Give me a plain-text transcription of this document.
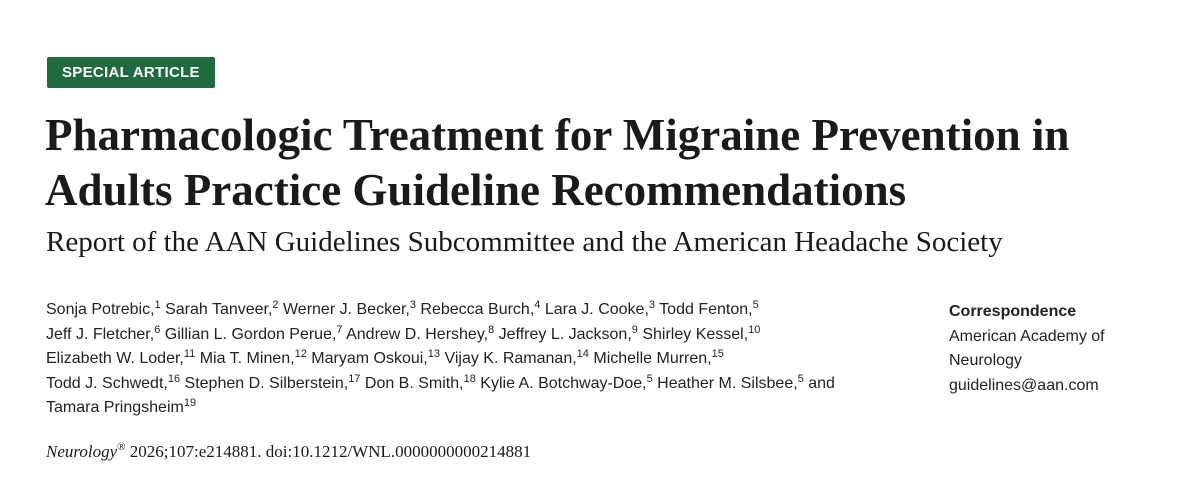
SPECIAL ARTICLE
Pharmacologic Treatment for Migraine Prevention in Adults Practice Guideline Recommendations
Report of the AAN Guidelines Subcommittee and the American Headache Society
Sonja Potrebic,$^1$ Sarah Tanveer,$^2$ Werner J. Becker,$^3$ Rebecca Burch,$^4$ Lara J. Cooke,$^3$ Todd Fenton,$^5$
Jeff J. Fletcher,$^6$ Gillian L. Gordon Perue,$^7$ Andrew D. Hershey,$^8$ Jeffrey L. Jackson,$^9$ Shirley Kessel,$^{10}$
Elizabeth W. Loder,$^{11}$ Mia T. Minen,$^{12}$ Maryam Oskoui,$^{13}$ Vijay K. Ramanan,$^{14}$ Michelle Murren,$^{15}$
Todd J. Schwedt,$^{16}$ Stephen D. Silberstein,$^{17}$ Don B. Smith,$^{18}$ Kylie A. Botchway-Doe,$^5$ Heather M. Silsbee,$^5$ and
Tamara Pringsheim$^{19}$
Correspondence
American Academy of
Neurology
guidelines@aan.com
Neurology® 2026;107:e214881. doi:10.1212/WNL.0000000000214881
